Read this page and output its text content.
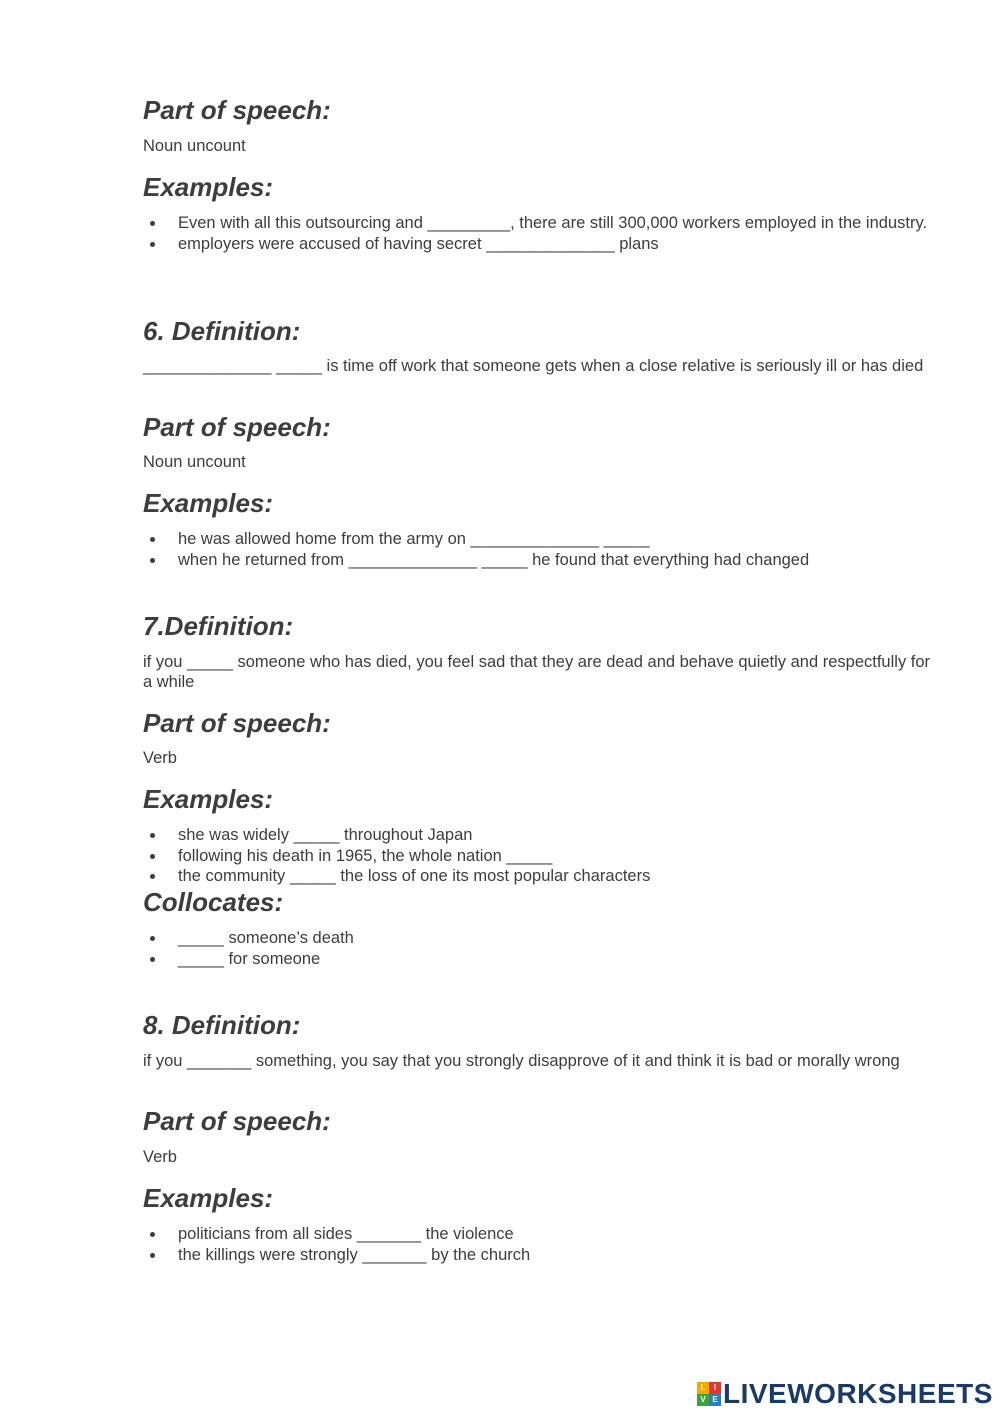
Part of speech:

Noun uncount

Examples:
Even with all this outsourcing and _________, there are still 300,000 workers employed in the industry.
employers were accused of having secret ______________ plans
6. Definition:

______________ _____ is time off work that someone gets when a close relative is seriously ill or has died

Part of speech:

Noun uncount

Examples:
he was allowed home from the army on ______________ _____
when he returned from ______________ _____ he found that everything had changed
7.Definition:

if you _____ someone who has died, you feel sad that they are dead and behave quietly and respectfully for a while

Part of speech:

Verb

Examples:
she was widely _____ throughout Japan
following his death in 1965, the whole nation _____
the community _____ the loss of one its most popular characters
Collocates:
_____ someone’s death
_____ for someone
8. Definition:

if you _______ something, you say that you strongly disapprove of it and think it is bad or morally wrong

Part of speech:

Verb

Examples:
politicians from all sides _______ the violence
the killings were strongly _______ by the church
L	I
V E LIVEWORKSHEETS
